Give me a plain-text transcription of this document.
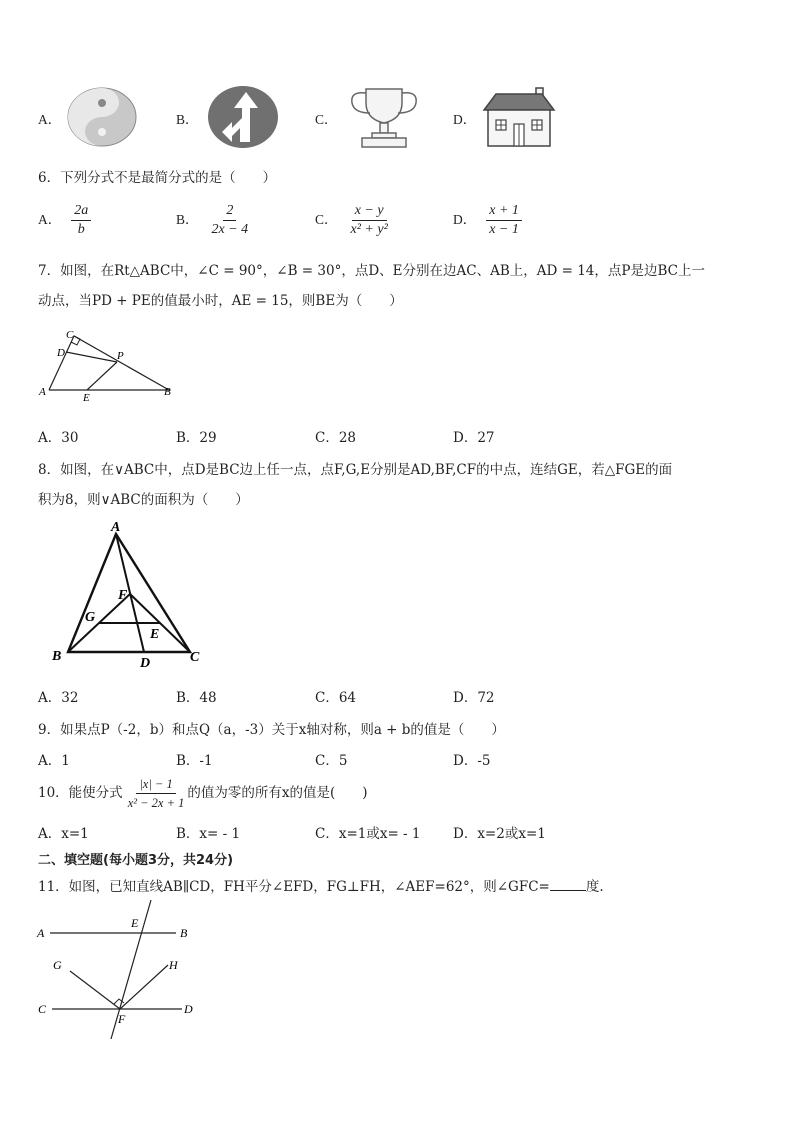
A．	B．	C．	D．
6．下列分式不是最简分式的是（　　）
A． $\frac{2a}{b}$	B． $\frac{2}{2x - 4}$	C． $\frac{x - y}{\text{x² + y²}}$	D． $\frac{x + 1}{x - 1}$
7．如图，在Rt△ABC中，∠C = 90°，∠B = 30°，点D、E分别在边AC、AB上，AD = 14，点P是边BC上一
动点，当PD + PE的值最小时，AE = 15，则BE为（　　）
C
D	P
A	E	B
A．30	B．29	C．28	D．27
8．如图，在∨ABC中，点D是BC边上任一点，点F,G,E分别是AD,BF,CF的中点，连结GE，若△FGE的面
积为8，则∨ABC的面积为（　　）
A
F
G
E
B	D	C
A．32	B．48	C．64	D．72
9．如果点P（-2，b）和点Q（a，-3）关于x轴对称，则a + b的值是（　　）
A．1	B．-1	C．5	D．-5
10．能使分式 $\frac{|x| - 1}{\text{x² − 2x + 1}}$ 的值为零的所有x的值是(　　)
A．x=1	B．x= - 1	C．x=1或x= - 1 D．x=2或x=1
二、填空题(每小题3分，共24分)
11．如图，已知直线AB∥CD，FH平分∠EFD，FG⊥FH，∠AEF=62°，则∠GFC=	度.
A
E
B
G	H
C
F
D
